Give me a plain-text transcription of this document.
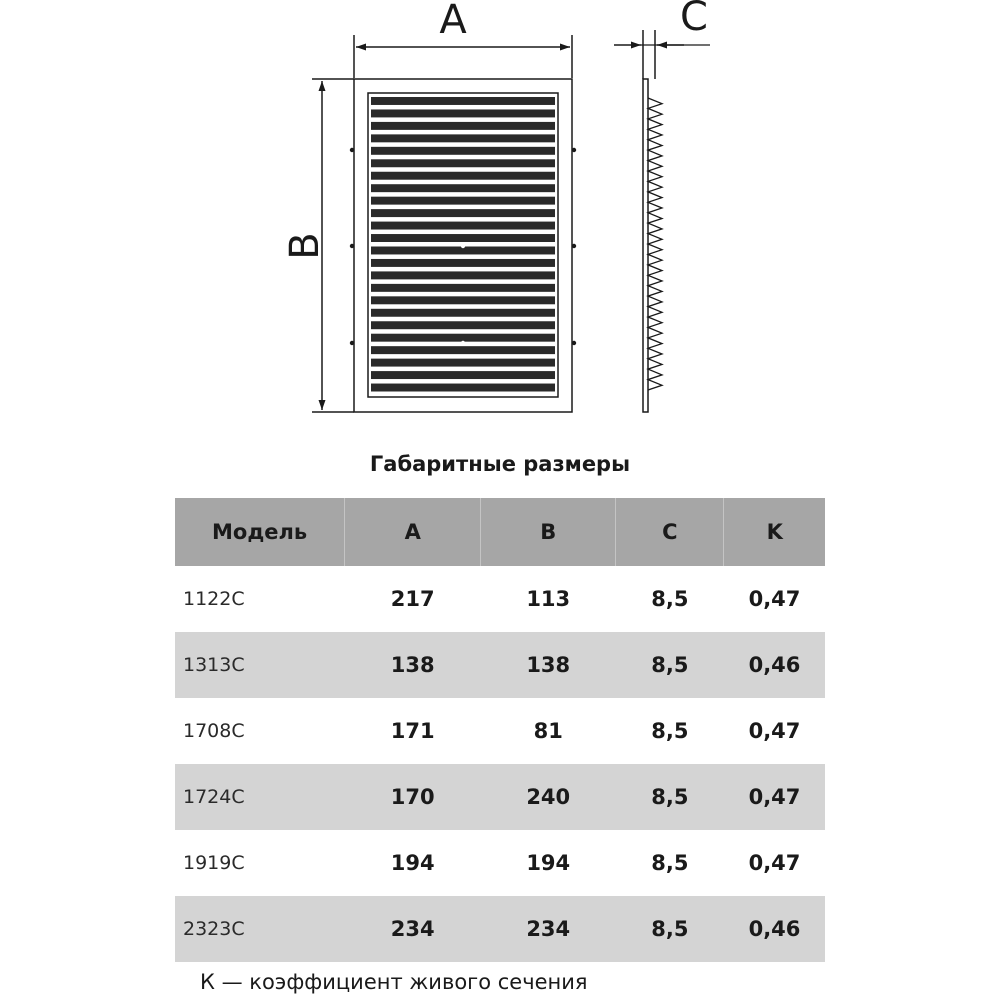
A
B
C
Габаритные размеры
Модель	A	B	C	K
1122C	217	113	8,5	0,47
1313C	138	138	8,5	0,46
1708C	171	81	8,5	0,47
1724C	170	240	8,5	0,47
1919C	194	194	8,5	0,47
2323C	234	234	8,5	0,46
К — коэффициент живого сечения
